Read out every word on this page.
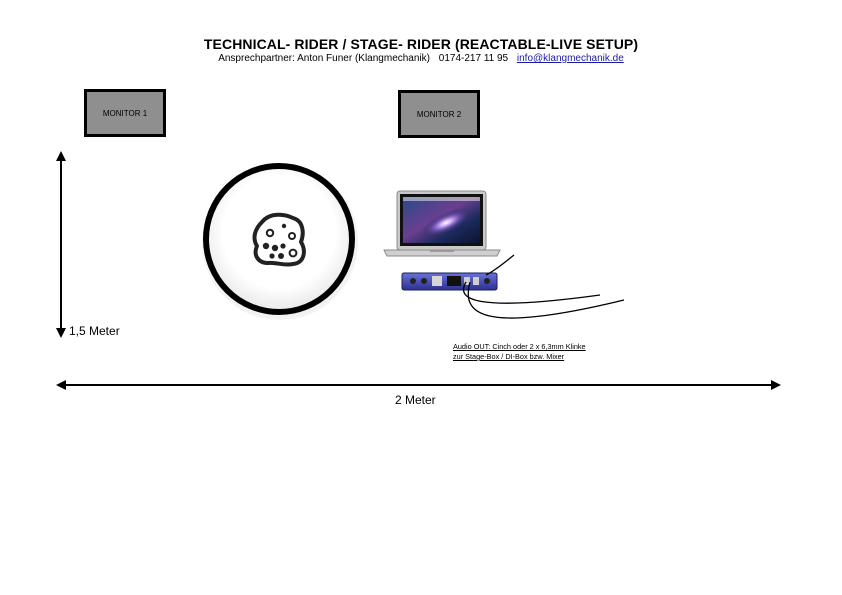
TECHNICAL- RIDER / STAGE- RIDER (REACTABLE-LIVE SETUP)
Ansprechpartner: Anton Funer (Klangmechanik) 0174-217 11 95 info@klangmechanik.de
MONITOR 1	MONITOR 2
1,5 Meter
2 Meter
Audio OUT: Cinch oder 2 x 6,3mm Klinke
zur Stage-Box / DI-Box bzw. Mixer
